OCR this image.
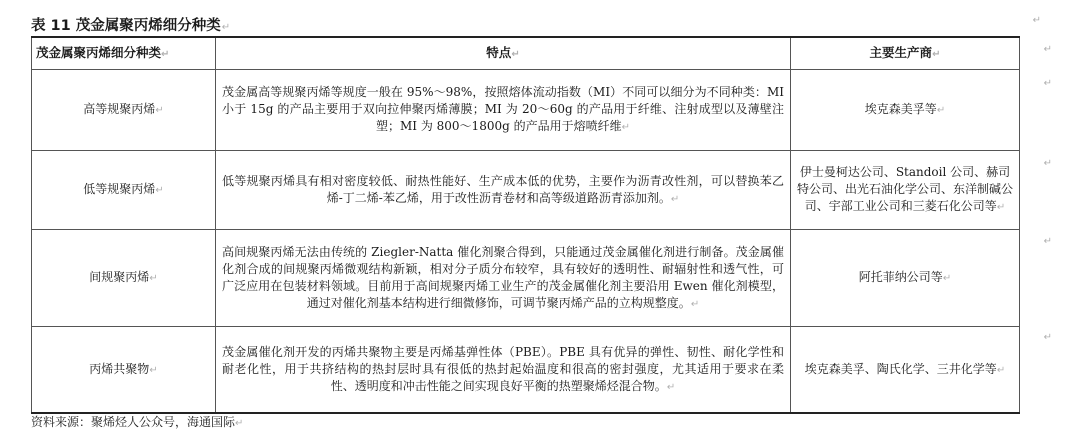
表 11 茂金属聚丙烯细分种类↵
↵
茂金属聚丙烯细分种类↵	特点↵	主要生产商↵
高等规聚丙烯↵	茂金属高等规聚丙烯等规度一般在 95%～98%，按照熔体流动指数（MI）不同可以细分为不同种类：MI 小于 15g 的产品主要用于双向拉伸聚丙烯薄膜；MI 为 20～60g 的产品用于纤维、注射成型以及薄壁注塑；MI 为 800～1800g 的产品用于熔喷纤维↵	埃克森美孚等↵
低等规聚丙烯↵	低等规聚丙烯具有相对密度较低、耐热性能好、生产成本低的优势，主要作为沥青改性剂，可以替换苯乙烯-丁二烯-苯乙烯，用于改性沥青卷材和高等级道路沥青添加剂。↵	伊士曼柯达公司、Standoil 公司、赫司特公司、出光石油化学公司、东洋制碱公司、宇部工业公司和三菱石化公司等↵
间规聚丙烯↵	高间规聚丙烯无法由传统的 Ziegler-Natta 催化剂聚合得到，只能通过茂金属催化剂进行制备。茂金属催化剂合成的间规聚丙烯微观结构新颖，相对分子质分布较窄，具有较好的透明性、耐辐射性和透气性，可广泛应用在包装材料领域。目前用于高间规聚丙烯工业生产的茂金属催化剂主要沿用 Ewen 催化剂模型，通过对催化剂基本结构进行细微修饰，可调节聚丙烯产品的立构规整度。↵	阿托菲纳公司等↵
丙烯共聚物↵	茂金属催化剂开发的丙烯共聚物主要是丙烯基弹性体（PBE）。PBE 具有优异的弹性、韧性、耐化学性和耐老化性，用于共挤结构的热封层时具有很低的热封起始温度和很高的密封强度，尤其适用于要求在柔性、透明度和冲击性能之间实现良好平衡的热塑聚烯烃混合物。↵	埃克森美孚、陶氏化学、三井化学等↵
↵
↵
↵
↵
↵
资料来源：聚烯烃人公众号，海通国际↵
